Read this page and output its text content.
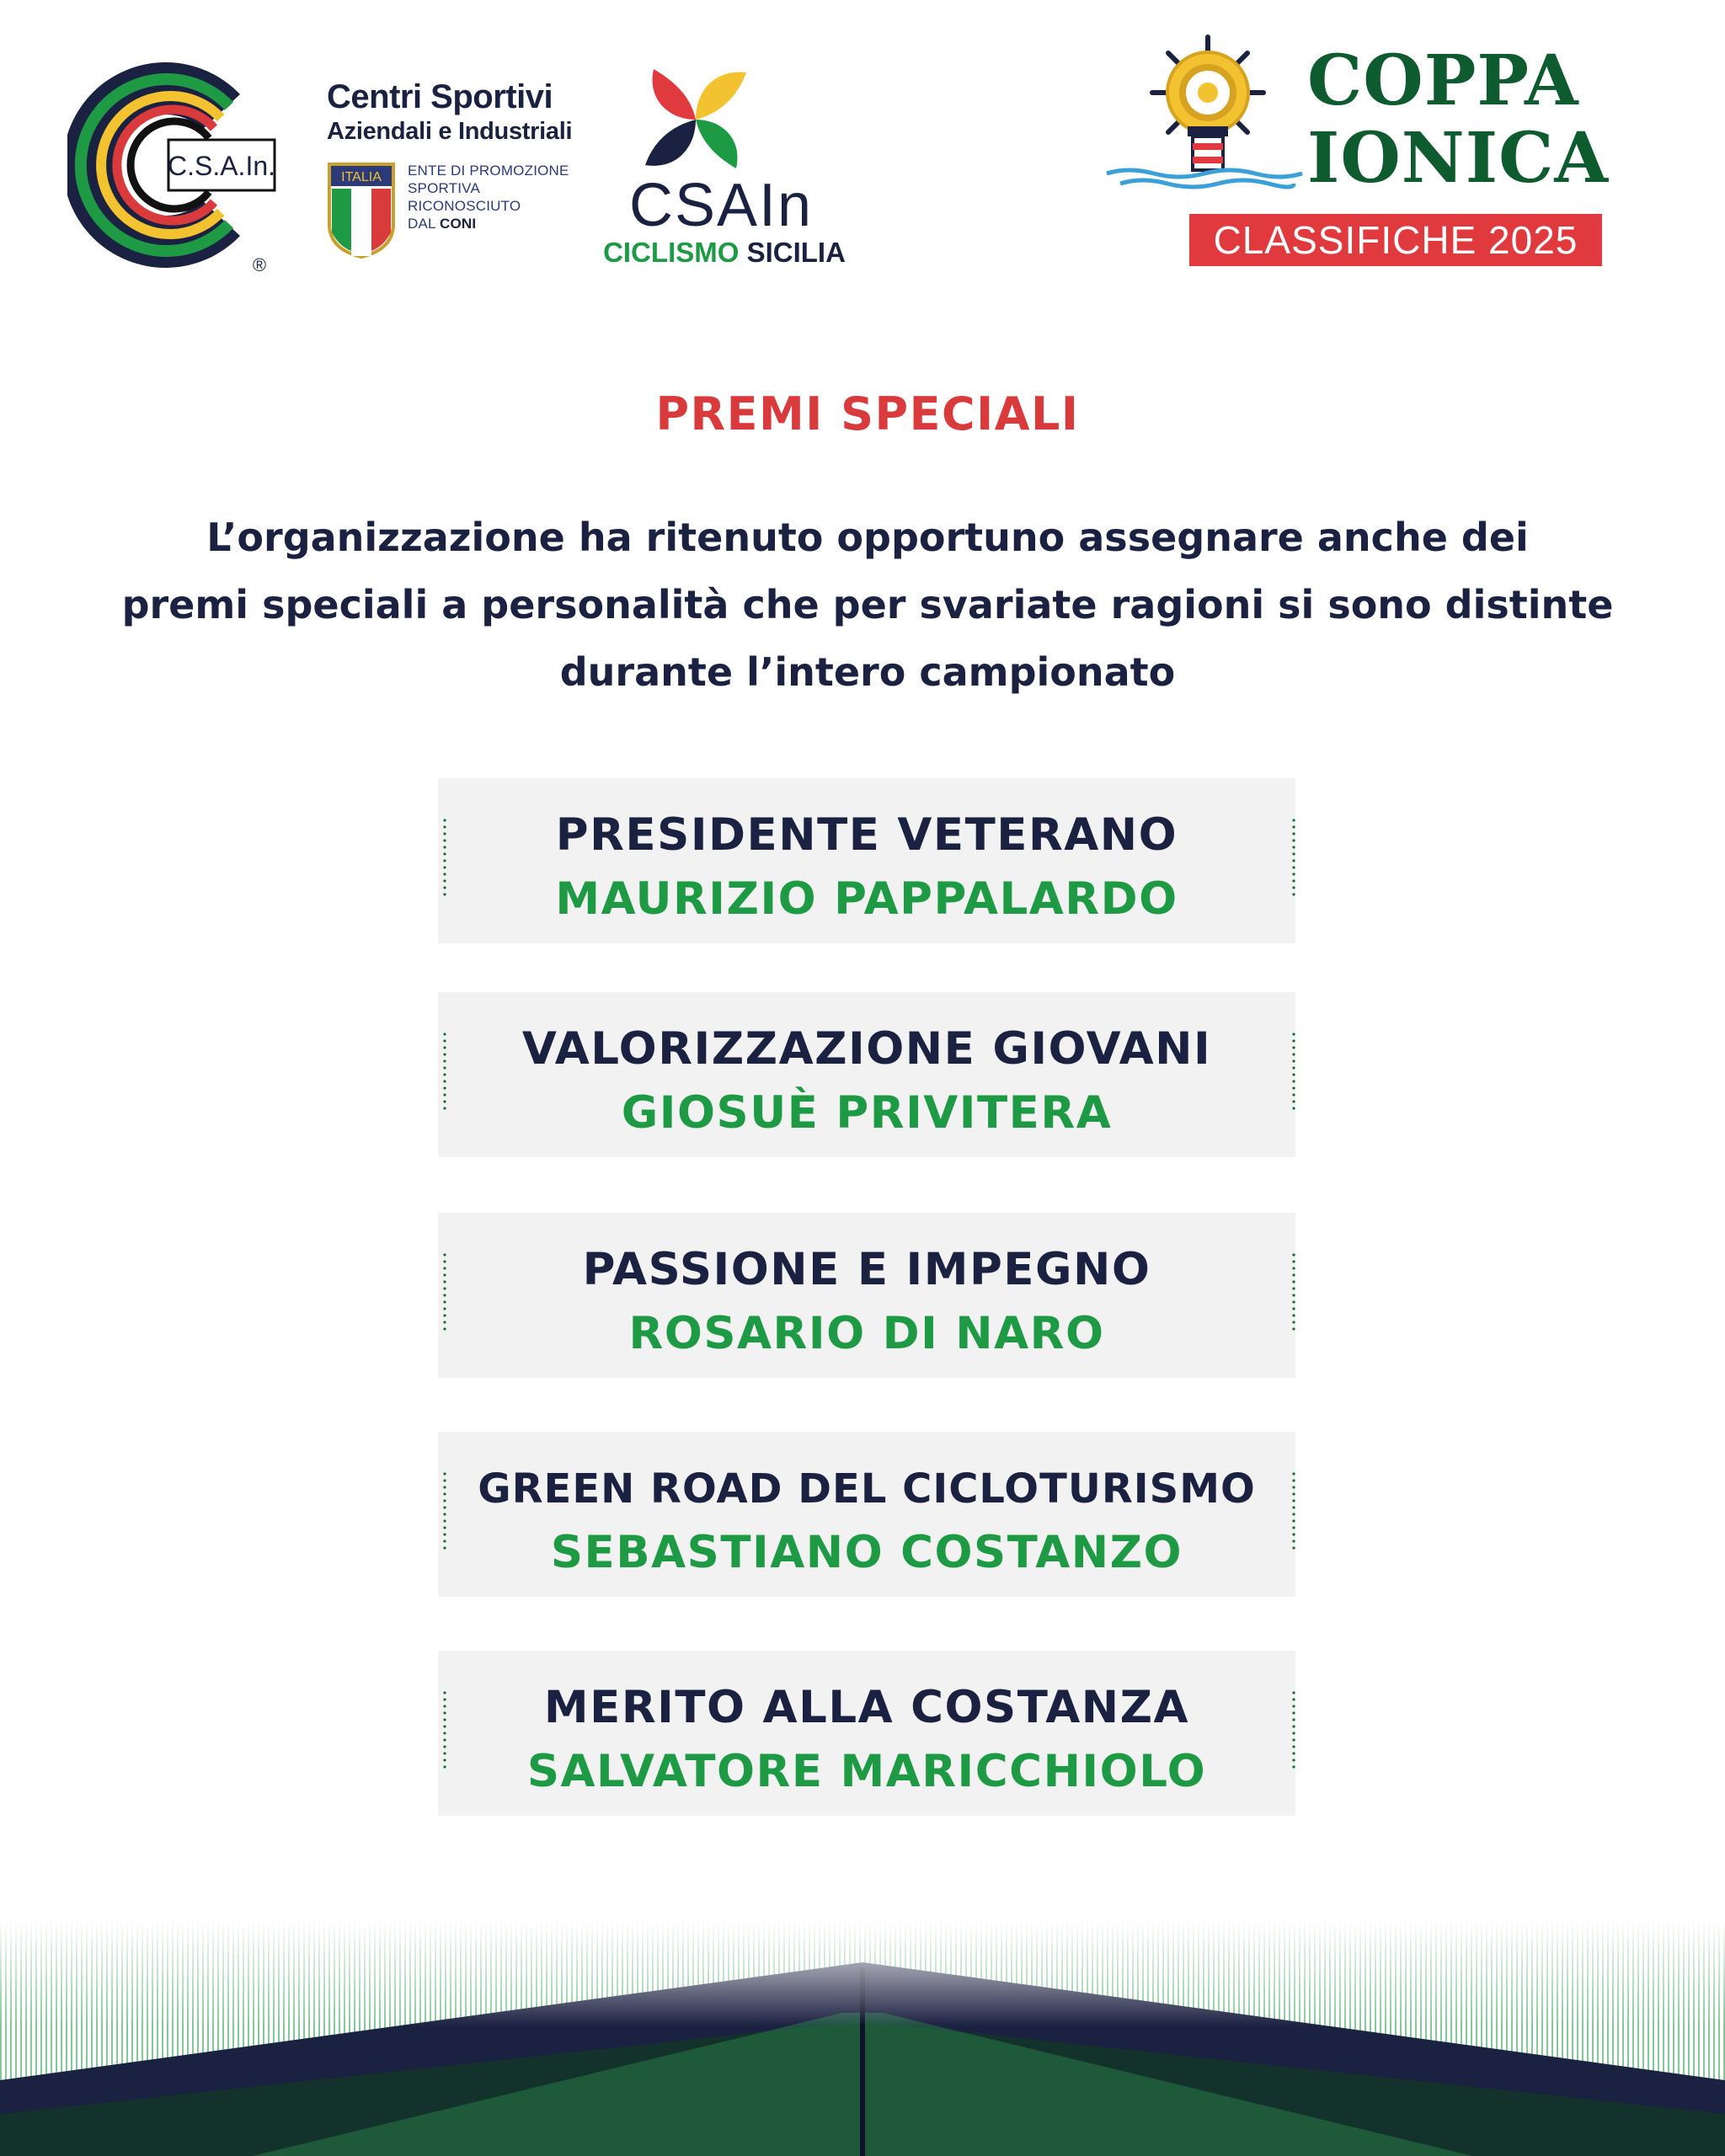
C.S.A.In.
®
Centri Sportivi
Aziendali e Industriali
ITALIA ENTE DI PROMOZIONE
SPORTIVA
RICONOSCIUTO
DAL CONI	CSAIn
CICLISMO SICILIA
COPPA
IONICA
CLASSIFICHE 2025
PREMI SPECIALI
L’organizzazione ha ritenuto opportuno assegnare anche dei
premi speciali a personalità che per svariate ragioni si sono distinte
durante l’intero campionato
PRESIDENTE VETERANO
MAURIZIO PAPPALARDO
VALORIZZAZIONE GIOVANI
GIOSUÈ PRIVITERA
PASSIONE E IMPEGNO
ROSARIO DI NARO
GREEN ROAD DEL CICLOTURISMO
SEBASTIANO COSTANZO
MERITO ALLA COSTANZA
SALVATORE MARICCHIOLO
